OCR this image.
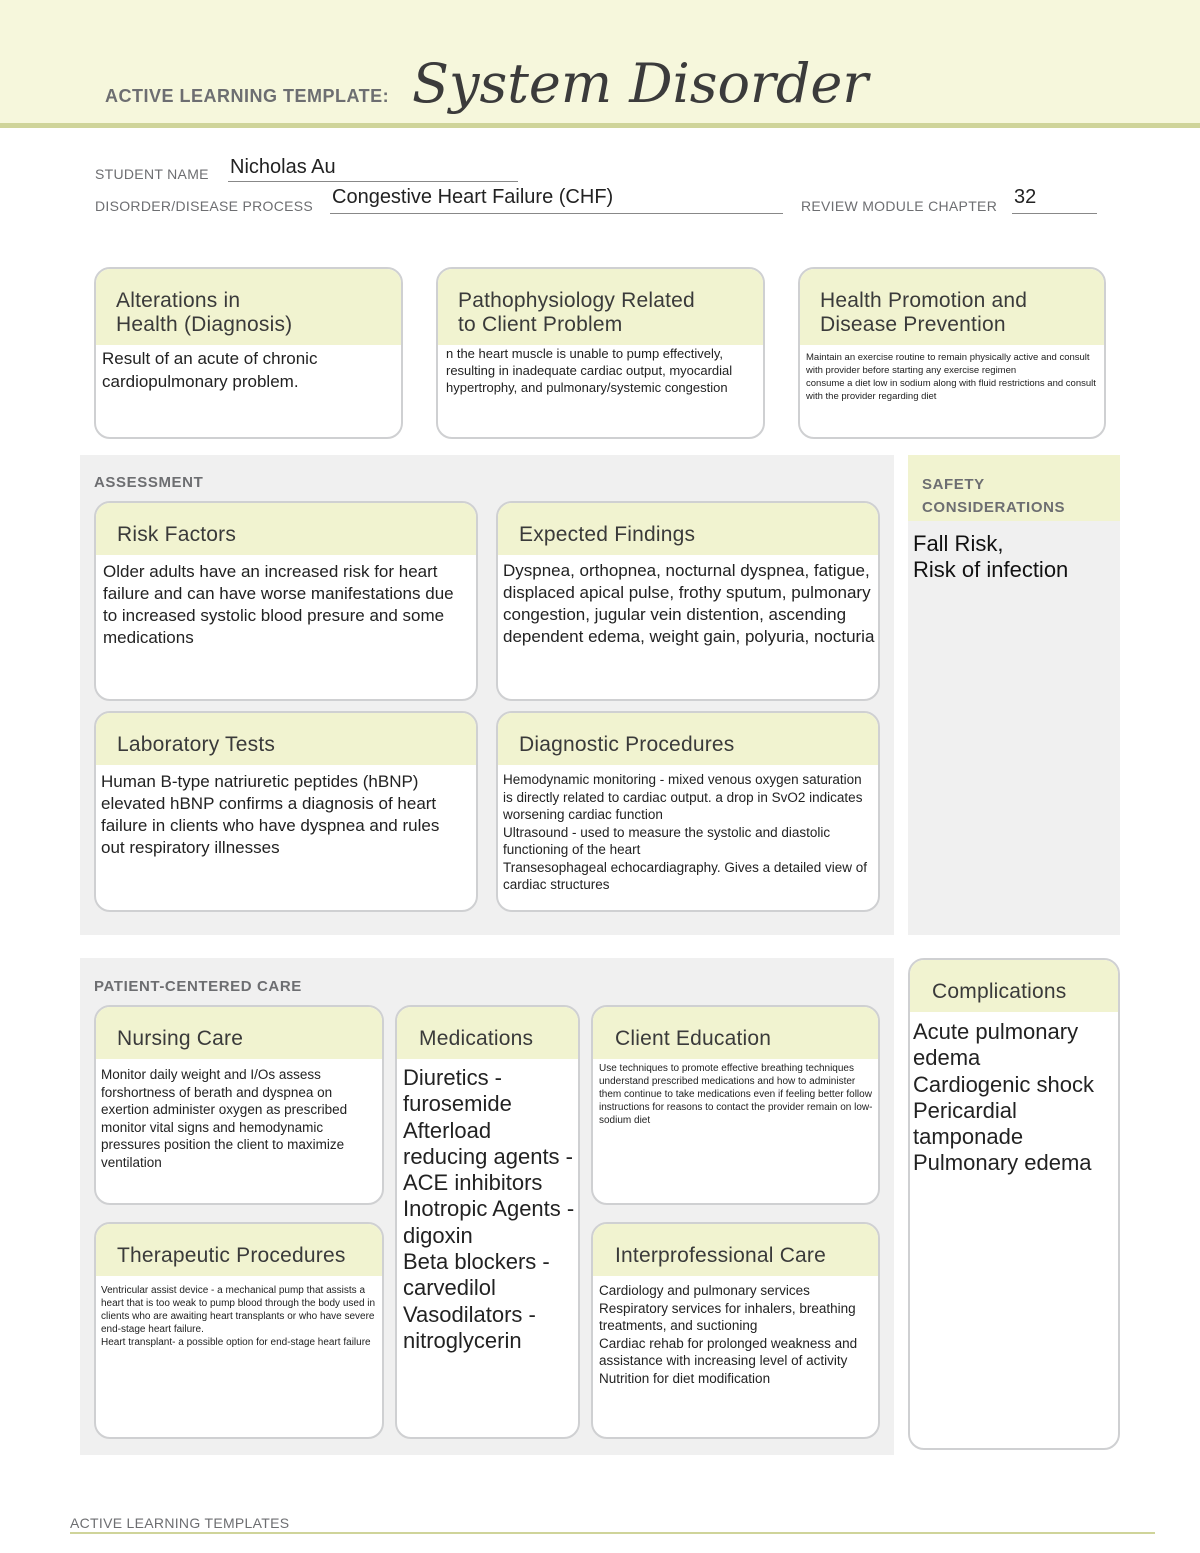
ACTIVE LEARNING TEMPLATE: System Disorder
STUDENT NAME Nicholas Au
DISORDER/DISEASE PROCESS Congestive Heart Failure (CHF)	REVIEW MODULE CHAPTER 32
Alterations in
Health (Diagnosis)
Result of an acute of chronic cardiopulmonary problem.
Pathophysiology Related
to Client Problem
n the heart muscle is unable to pump effectively, resulting in inadequate cardiac output, myocardial hypertrophy, and pulmonary/systemic congestion
Health Promotion and
Disease Prevention
Maintain an exercise routine to remain physically active and consult with provider before starting any exercise regimen
consume a diet low in sodium along with fluid restrictions and consult with the provider regarding diet
ASSESSMENT
Risk Factors
Older adults have an increased risk for heart failure and can have worse manifestations due to increased systolic blood presure and some medications
Expected Findings
Dyspnea, orthopnea, nocturnal dyspnea, fatigue, displaced apical pulse, frothy sputum, pulmonary congestion, jugular vein distention, ascending dependent edema, weight gain, polyuria, nocturia
Laboratory Tests
Human B-type natriuretic peptides (hBNP) elevated hBNP confirms a diagnosis of heart failure in clients who have dyspnea and rules out respiratory illnesses
Diagnostic Procedures
Hemodynamic monitoring - mixed venous oxygen saturation is directly related to cardiac output. a drop in SvO2 indicates worsening cardiac function
Ultrasound - used to measure the systolic and diastolic functioning of the heart
Transesophageal echocardiagraphy. Gives a detailed view of cardiac structures
SAFETY
CONSIDERATIONS
Fall Risk,
Risk of infection
PATIENT-CENTERED CARE
Nursing Care
Monitor daily weight and I/Os assess forshortness of berath and dyspnea on exertion administer oxygen as prescribed monitor vital signs and hemodynamic pressures position the client to maximize ventilation
Medications
Diuretics - furosemide
Afterload reducing agents - ACE inhibitors
Inotropic Agents - digoxin
Beta blockers - carvedilol
Vasodilators - nitroglycerin
Client Education
Use techniques to promote effective breathing techniques understand prescribed medications and how to administer them continue to take medications even if feeling better follow instructions for reasons to contact the provider remain on low-sodium diet
Therapeutic Procedures
Ventricular assist device - a mechanical pump that assists a heart that is too weak to pump blood through the body used in clients who are awaiting heart transplants or who have severe end-stage heart failure.
Heart transplant- a possible option for end-stage heart failure
Interprofessional Care
Cardiology and pulmonary services
Respiratory services for inhalers, breathing treatments, and suctioning
Cardiac rehab for prolonged weakness and assistance with increasing level of activity
Nutrition for diet modification
Complications
Acute pulmonary edema
Cardiogenic shock
Pericardial tamponade
Pulmonary edema
ACTIVE LEARNING TEMPLATES
